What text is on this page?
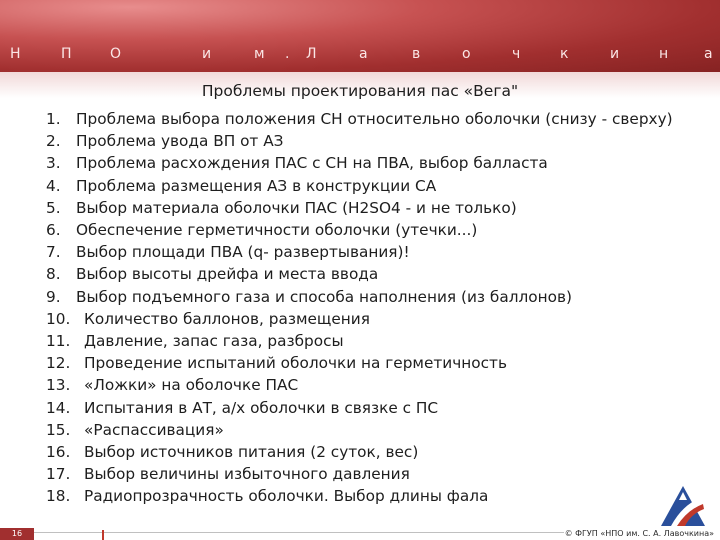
Н	П	О	и	м . Л	а	в	о	ч	к	и	н	а
Проблемы проектирования пас «Вега"
1.	Проблема выбора положения СН относительно оболочки (снизу - сверху)
2.	Проблема увода ВП от АЗ
3.	Проблема расхождения ПАС с СН на ПВА, выбор балласта
4.	Проблема размещения АЗ в конструкции СА
5.	Выбор материала оболочки ПАС (H2SO4 - и не только)
6.	Обеспечение герметичности оболочки (утечки...)
7.	Выбор площади ПВА (q- развертывания)!
8.	Выбор высоты дрейфа и места ввода
9.	Выбор подъемного газа и способа наполнения (из баллонов)
10. Количество баллонов, размещения
11. Давление, запас газа, разбросы
12. Проведение испытаний оболочки на герметичность
13. «Ложки» на оболочке ПАС
14. Испытания в АТ, а/х оболочки в связке с ПС
15. «Распассивация»
16. Выбор источников питания (2 суток, вес)
17. Выбор величины избыточного давления
18. Радиопрозрачность оболочки. Выбор длины фала
16	© ФГУП «НПО им. С. А. Лавочкина»
